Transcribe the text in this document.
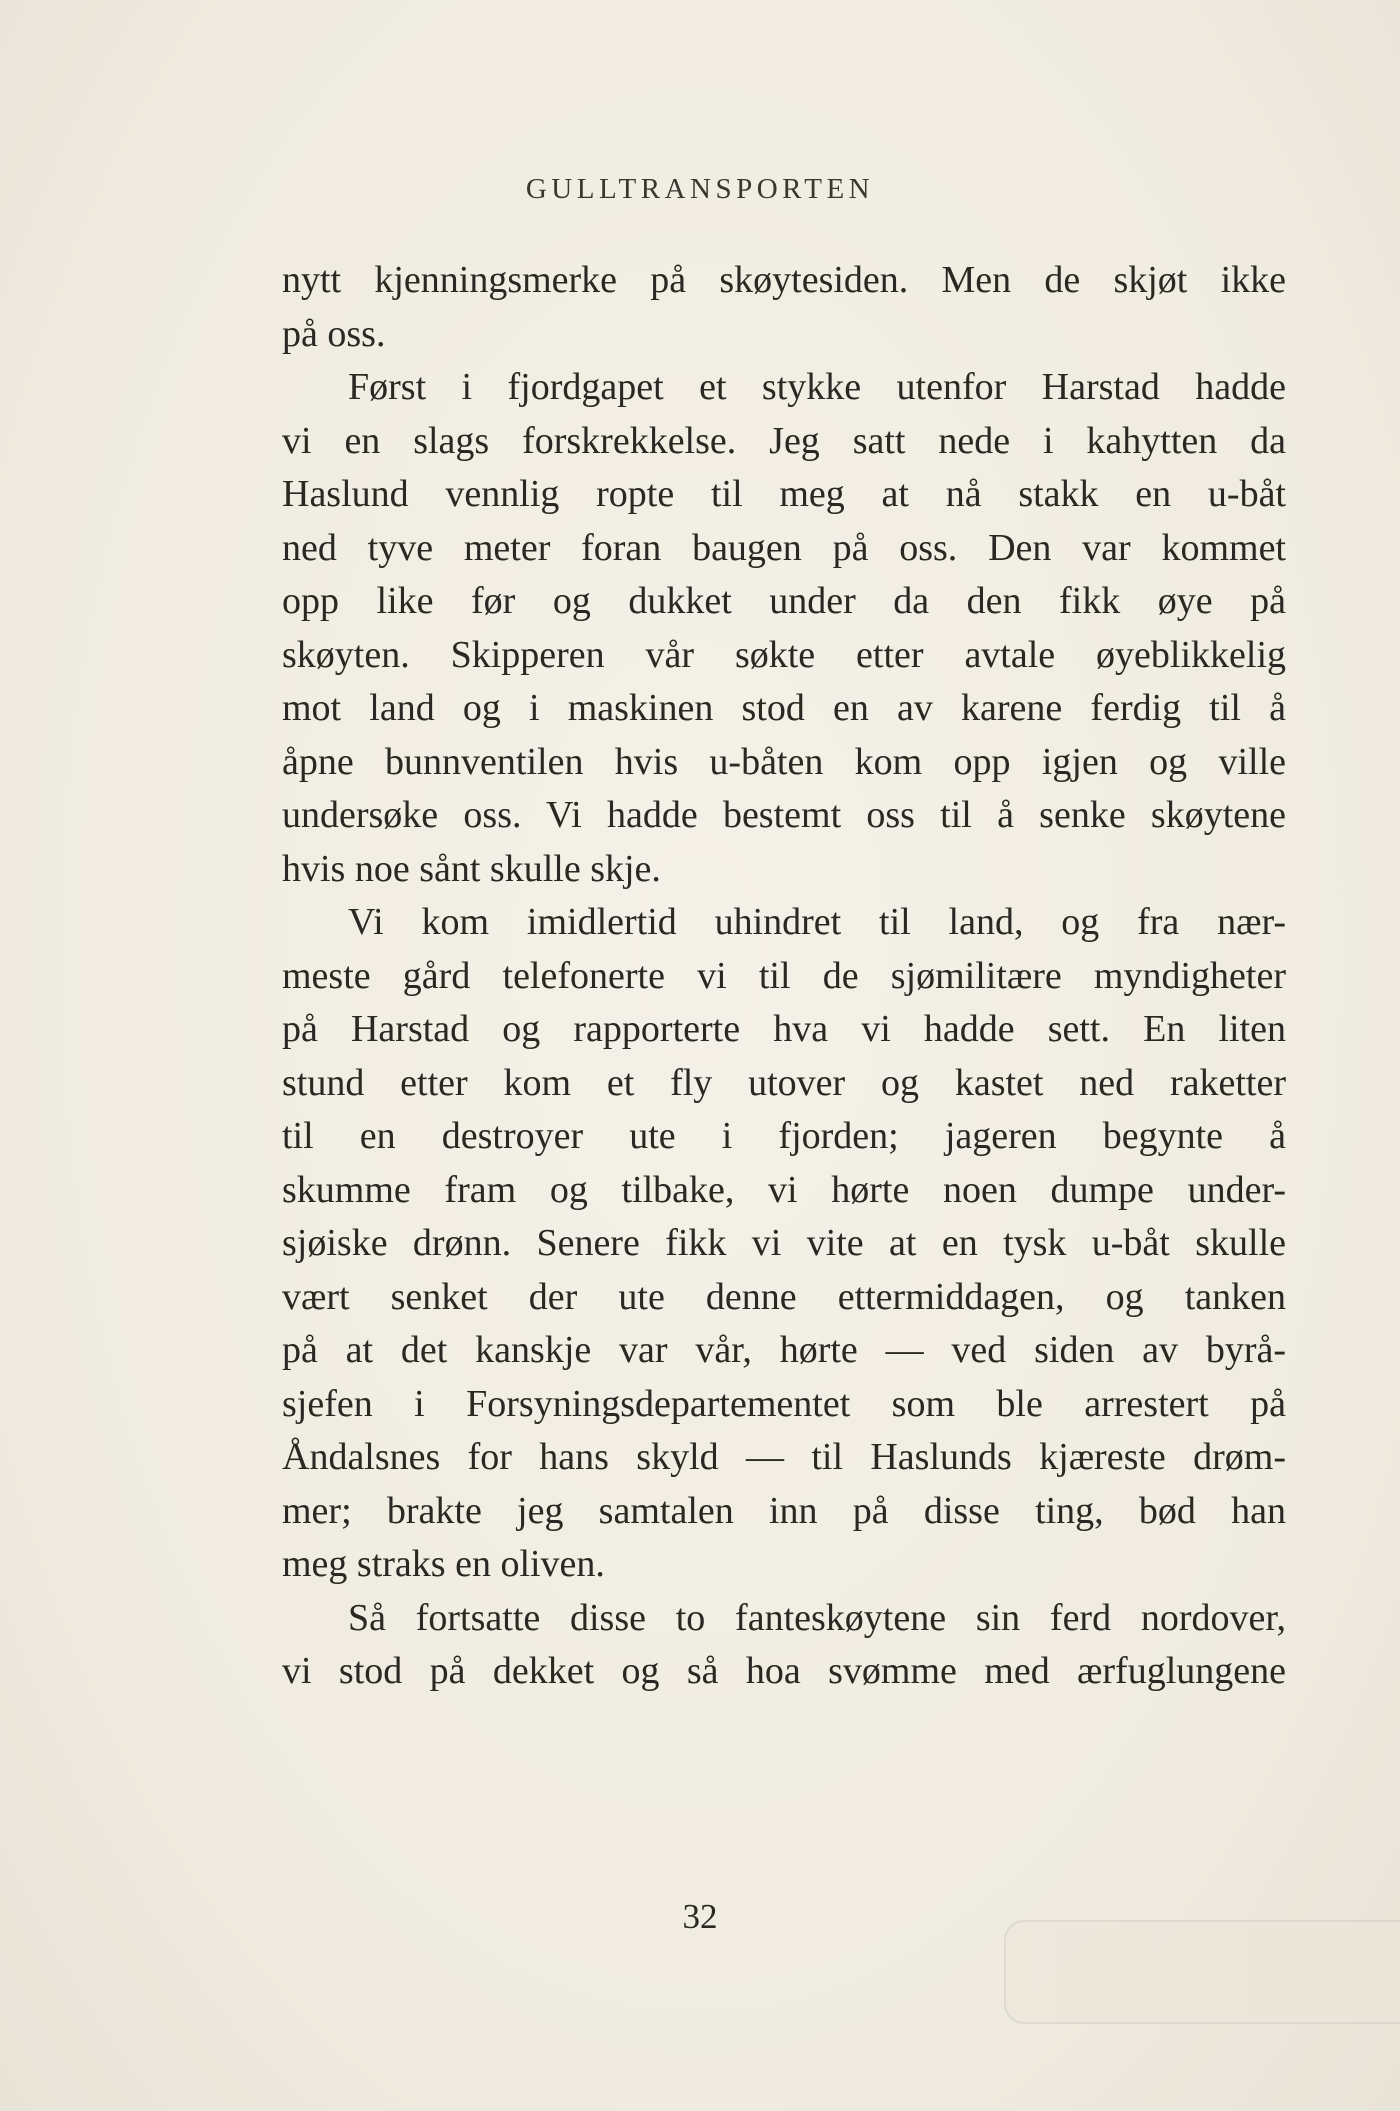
GULLTRANSPORTEN
nytt kjenningsmerke på skøytesiden. Men de skjøt ikke
på oss.
Først i fjordgapet et stykke utenfor Harstad hadde
vi en slags forskrekkelse. Jeg satt nede i kahytten da
Haslund vennlig ropte til meg at nå stakk en u-båt
ned tyve meter foran baugen på oss. Den var kommet
opp like før og dukket under da den fikk øye på
skøyten. Skipperen vår søkte etter avtale øyeblikkelig
mot land og i maskinen stod en av karene ferdig til å
åpne bunnventilen hvis u-båten kom opp igjen og ville
undersøke oss. Vi hadde bestemt oss til å senke skøytene
hvis noe sånt skulle skje.
Vi kom imidlertid uhindret til land, og fra nær-
meste gård telefonerte vi til de sjømilitære myndigheter
på Harstad og rapporterte hva vi hadde sett. En liten
stund etter kom et fly utover og kastet ned raketter
til en destroyer ute i fjorden; jageren begynte å
skumme fram og tilbake, vi hørte noen dumpe under-
sjøiske drønn. Senere fikk vi vite at en tysk u-båt skulle
vært senket der ute denne ettermiddagen, og tanken
på at det kanskje var vår, hørte — ved siden av byrå-
sjefen i Forsyningsdepartementet som ble arrestert på
Åndalsnes for hans skyld — til Haslunds kjæreste drøm-
mer; brakte jeg samtalen inn på disse ting, bød han
meg straks en oliven.
Så fortsatte disse to fanteskøytene sin ferd nordover,
vi stod på dekket og så hoa svømme med ærfuglungene
32
